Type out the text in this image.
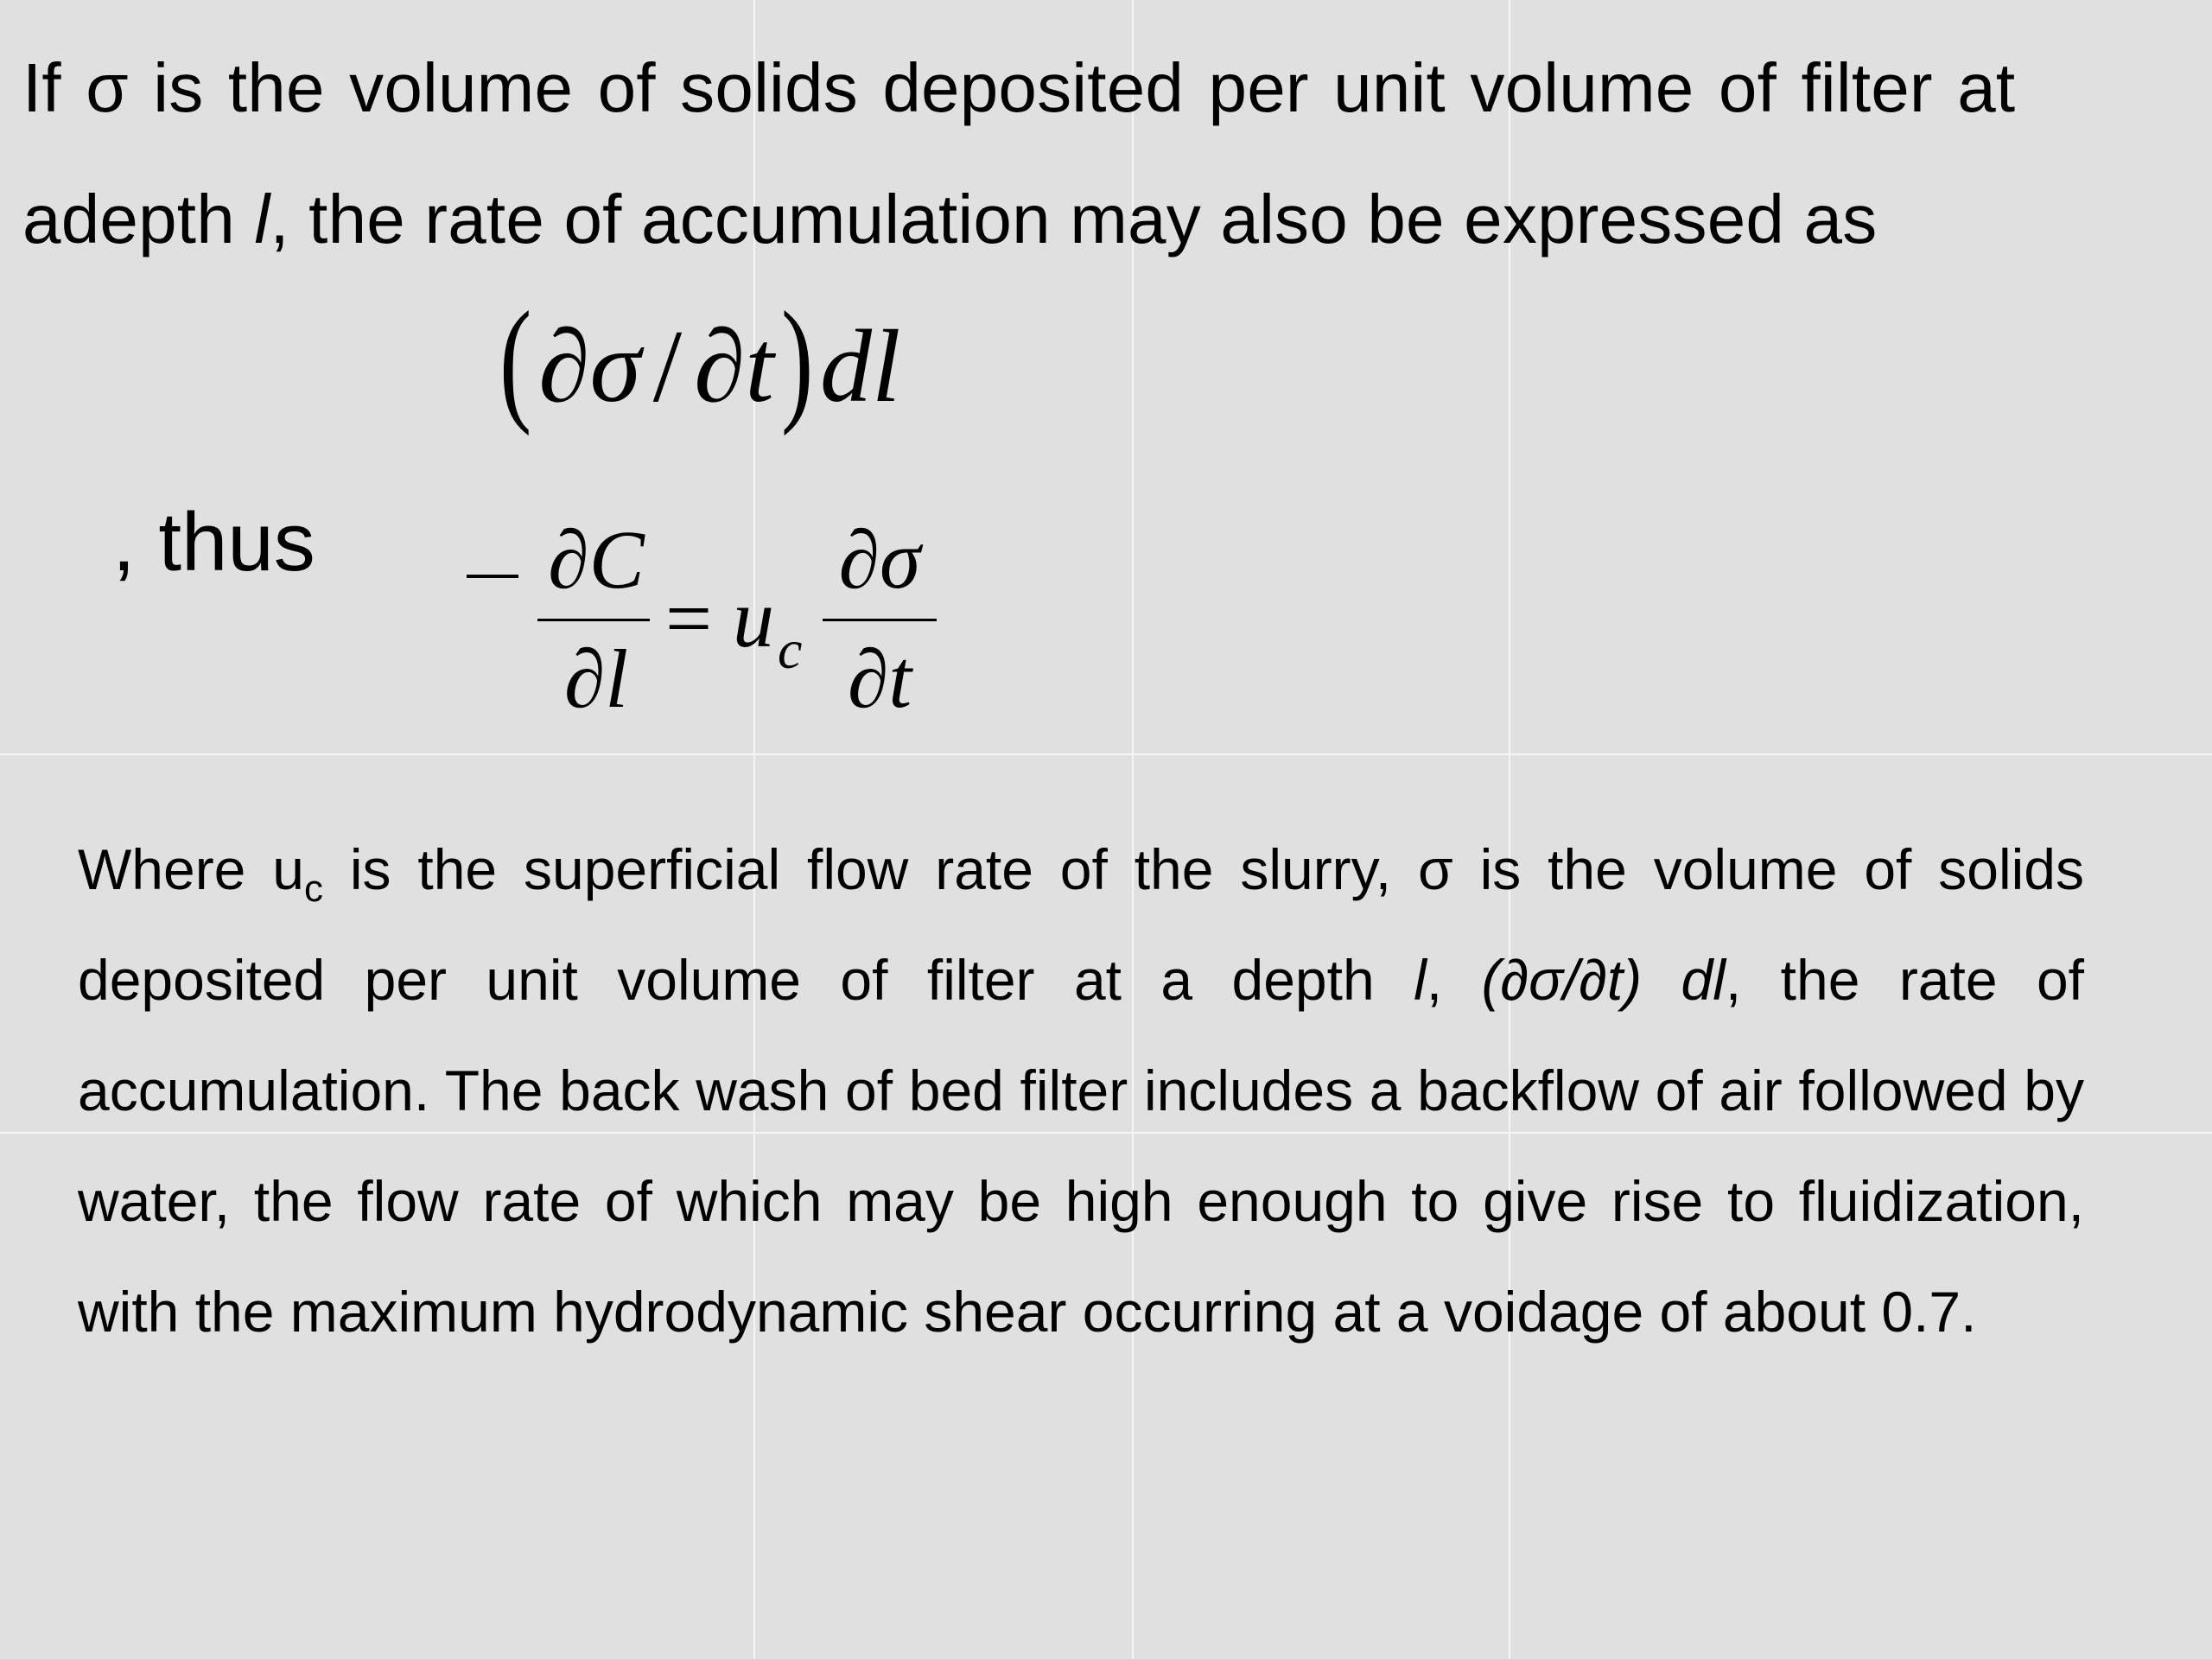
If σ is the volume of solids deposited per unit volume of filter at
adepth l, the rate of accumulation may also be expressed as
(∂σ / ∂t)dl
, thus	∂C
∂l
= u c
∂σ
∂t
Where $u_c$ is the superficial flow rate of the slurry, σ is the volume of solids deposited per unit volume of filter at a depth l, (∂σ/∂t) dl, the rate of accumulation. The back wash of bed filter includes a backflow of air followed by water, the flow rate of which may be high enough to give rise to fluidization, with the maximum hydrodynamic shear occurring at a voidage of about 0.7.
